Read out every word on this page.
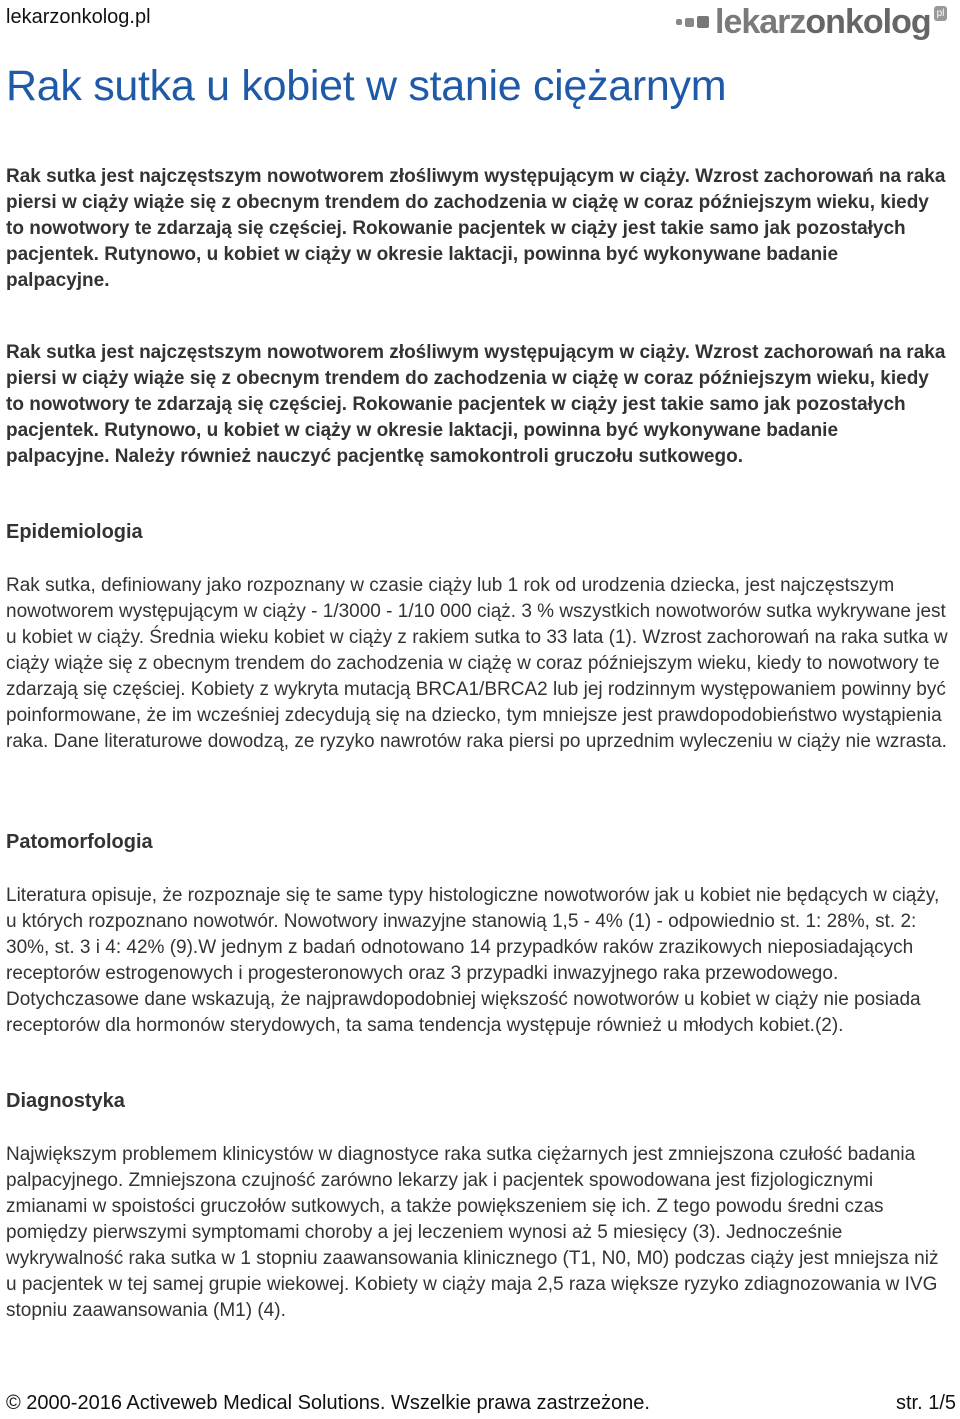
lekarzonkolog.pl	lekarzonkolog pl
Rak sutka u kobiet w stanie ciężarnym

Rak sutka jest najczęstszym nowotworem złośliwym występującym w ciąży. Wzrost zachorowań na raka piersi w ciąży wiąże się z obecnym trendem do zachodzenia w ciążę w coraz późniejszym wieku, kiedy to nowotwory te zdarzają się częściej. Rokowanie pacjentek w ciąży jest takie samo jak pozostałych pacjentek. Rutynowo, u kobiet w ciąży w okresie laktacji, powinna być wykonywane badanie palpacyjne.

Rak sutka jest najczęstszym nowotworem złośliwym występującym w ciąży. Wzrost zachorowań na raka piersi w ciąży wiąże się z obecnym trendem do zachodzenia w ciążę w coraz późniejszym wieku, kiedy to nowotwory te zdarzają się częściej. Rokowanie pacjentek w ciąży jest takie samo jak pozostałych pacjentek. Rutynowo, u kobiet w ciąży w okresie laktacji, powinna być wykonywane badanie palpacyjne. Należy również nauczyć pacjentkę samokontroli gruczołu sutkowego.

Epidemiologia

Rak sutka, definiowany jako rozpoznany w czasie ciąży lub 1 rok od urodzenia dziecka, jest najczęstszym nowotworem występującym w ciąży - 1/3000 - 1/10 000 ciąż. 3 % wszystkich nowotworów sutka wykrywane jest u kobiet w ciąży. Średnia wieku kobiet w ciąży z rakiem sutka to 33 lata (1). Wzrost zachorowań na raka sutka w ciąży wiąże się z obecnym trendem do zachodzenia w ciążę w coraz późniejszym wieku, kiedy to nowotwory te zdarzają się częściej. Kobiety z wykryta mutacją BRCA1/BRCA2 lub jej rodzinnym występowaniem powinny być poinformowane, że im wcześniej zdecydują się na dziecko, tym mniejsze jest prawdopodobieństwo wystąpienia raka. Dane literaturowe dowodzą, ze ryzyko nawrotów raka piersi po uprzednim wyleczeniu w ciąży nie wzrasta.

Patomorfologia

Literatura opisuje, że rozpoznaje się te same typy histologiczne nowotworów jak u kobiet nie będących w ciąży, u których rozpoznano nowotwór. Nowotwory inwazyjne stanowią 1,5 - 4% (1) - odpowiednio st. 1: 28%, st. 2: 30%, st. 3 i 4: 42% (9).W jednym z badań odnotowano 14 przypadków raków zrazikowych nieposiadających receptorów estrogenowych i progesteronowych oraz 3 przypadki inwazyjnego raka przewodowego. Dotychczasowe dane wskazują, że najprawdopodobniej większość nowotworów u kobiet w ciąży nie posiada receptorów dla hormonów sterydowych, ta sama tendencja występuje również u młodych kobiet.(2).

Diagnostyka

Największym problemem klinicystów w diagnostyce raka sutka ciężarnych jest zmniejszona czułość badania palpacyjnego. Zmniejszona czujność zarówno lekarzy jak i pacjentek spowodowana jest fizjologicznymi zmianami w spoistości gruczołów sutkowych, a także powiększeniem się ich. Z tego powodu średni czas pomiędzy pierwszymi symptomami choroby a jej leczeniem wynosi aż 5 miesięcy (3). Jednocześnie wykrywalność raka sutka w 1 stopniu zaawansowania klinicznego (T1, N0, M0) podczas ciąży jest mniejsza niż u pacjentek w tej samej grupie wiekowej. Kobiety w ciąży maja 2,5 raza większe ryzyko zdiagnozowania w IVG stopniu zaawansowania (M1) (4).

© 2000-2016 Activeweb Medical Solutions. Wszelkie prawa zastrzeżone.	str. 1/5
